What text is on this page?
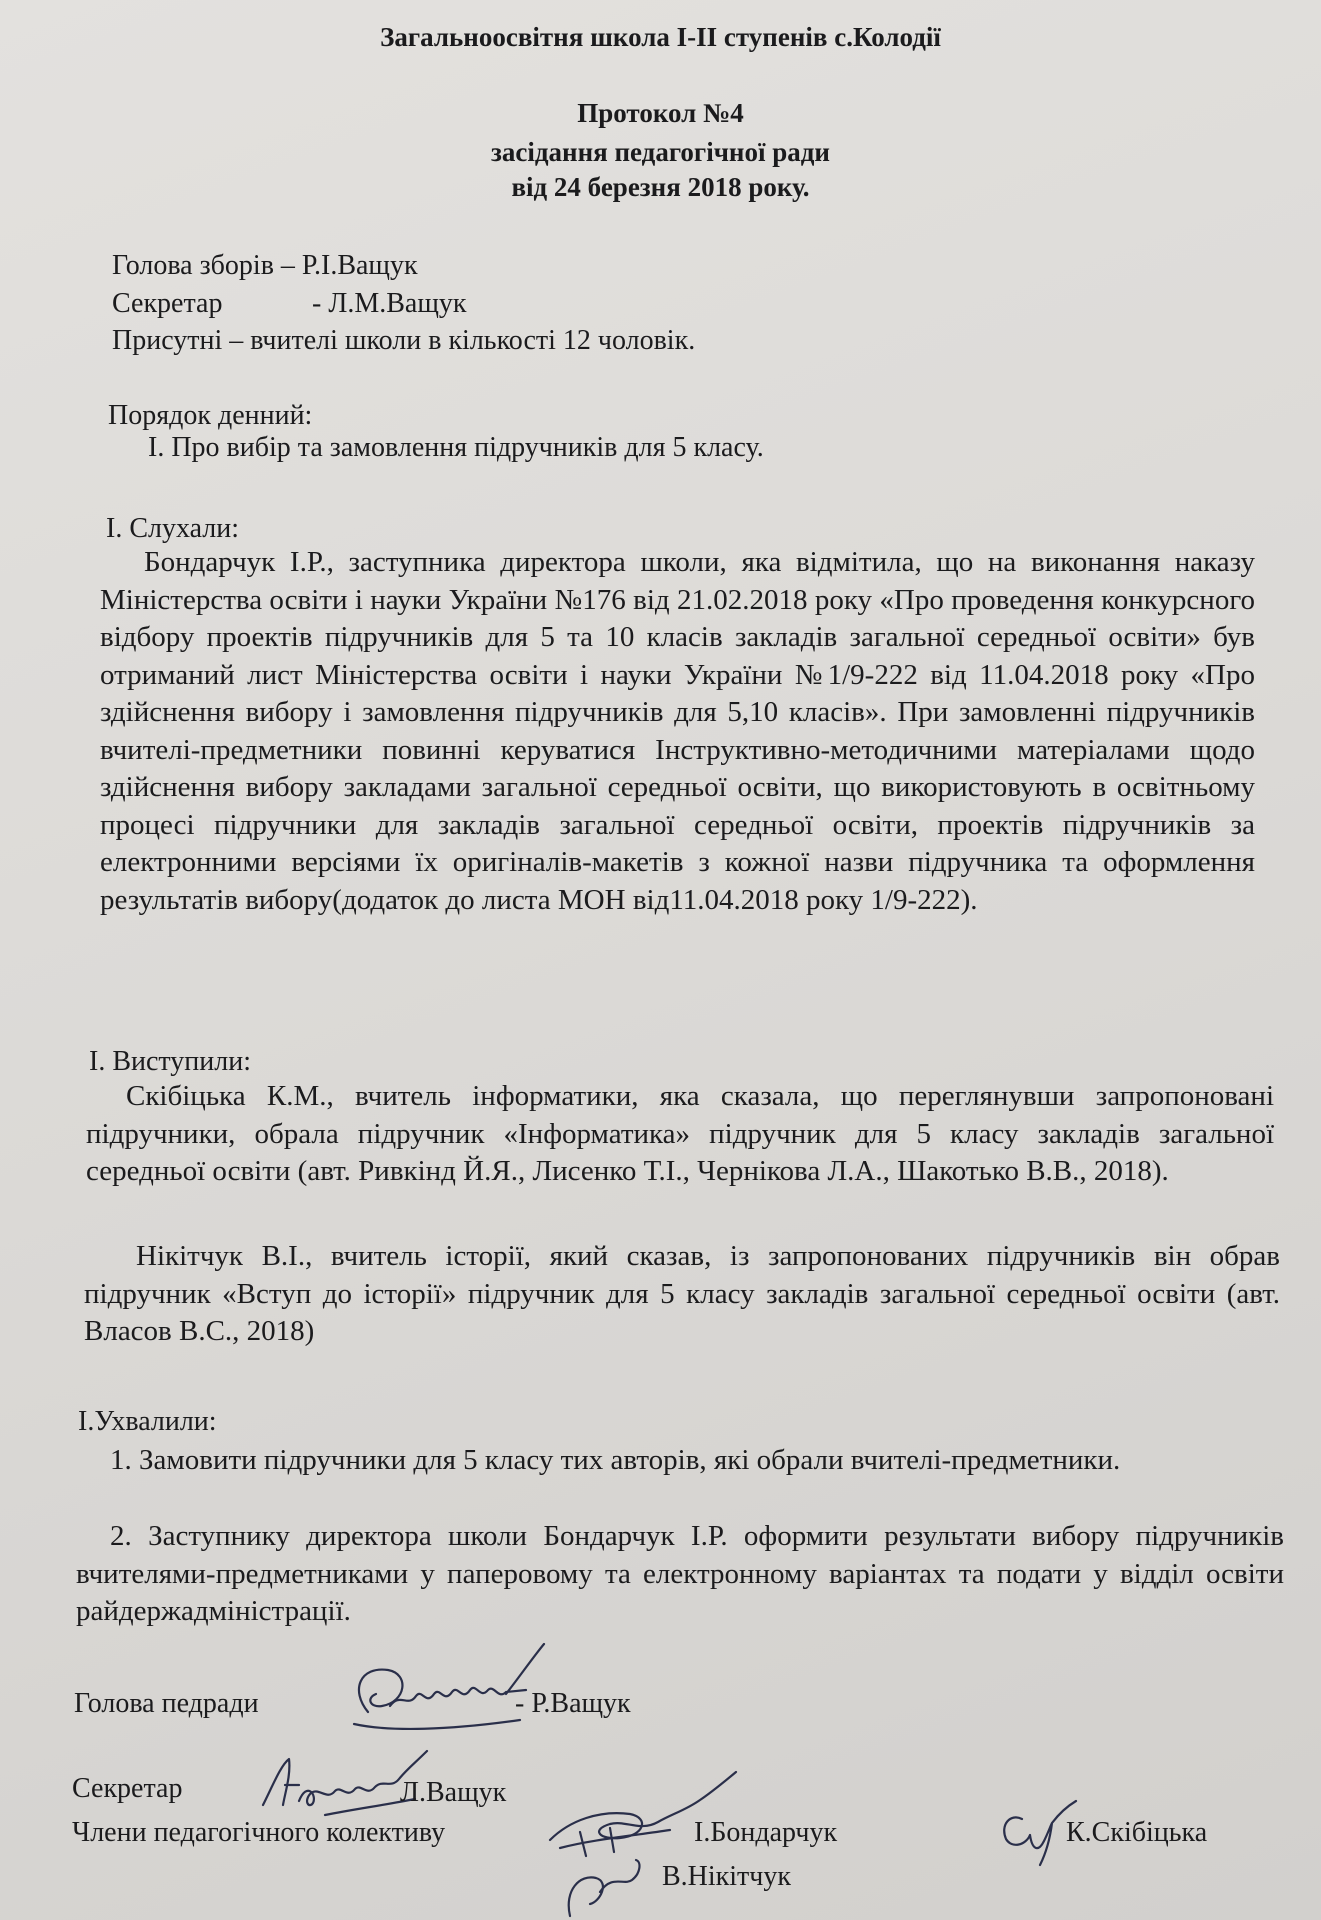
Загальноосвітня школа І-ІІ ступенів с.Колодії
Протокол №4
засідання педагогічної ради
від 24 березня 2018 року.
Голова зборів – Р.І.Ващук
Секретар	- Л.М.Ващук
Присутні – вчителі школи в кількості 12 чоловік.
Порядок денний:
І. Про вибір та замовлення підручників для 5 класу.
І. Слухали:
Бондарчук І.Р., заступника директора школи, яка відмітила, що на виконання наказу Міністерства освіти і науки України №176 від 21.02.2018 року «Про проведення конкурсного відбору проектів підручників для 5 та 10 класів закладів загальної середньої освіти» був отриманий лист Міністерства освіти і науки України №1/9-222 від 11.04.2018 року «Про здійснення вибору і замовлення підручників для 5,10 класів». При замовленні підручників вчителі-предметники повинні керуватися Інструктивно-методичними матеріалами щодо здійснення вибору закладами загальної середньої освіти, що використовують в освітньому процесі підручники для закладів загальної середньої освіти, проектів підручників за електронними версіями їх оригіналів-макетів з кожної назви підручника та оформлення результатів вибору(додаток до листа МОН від11.04.2018 року 1/9-222).
І. Виступили:
Скібіцька К.М., вчитель інформатики, яка сказала, що переглянувши запропоновані підручники, обрала підручник «Інформатика» підручник для 5 класу закладів загальної середньої освіти (авт. Ривкінд Й.Я., Лисенко Т.І., Чернікова Л.А., Шакотько В.В., 2018).
Нікітчук В.І., вчитель історії, який сказав, із запропонованих підручників він обрав підручник «Вступ до історії» підручник для 5 класу закладів загальної середньої освіти (авт. Власов В.С., 2018)
І.Ухвалили:
1. Замовити підручники для 5 класу тих авторів, які обрали вчителі-предметники.
2. Заступнику директора школи Бондарчук І.Р. оформити результати вибору підручників вчителями-предметниками у паперовому та електронному варіантах та подати у відділ освіти райдержадміністрації.
Голова педради	- Р.Ващук
Секретар	Л.Ващук
Члени педагогічного колективу	І.Бондарчук
В.Нікітчук
К.Скібіцька
